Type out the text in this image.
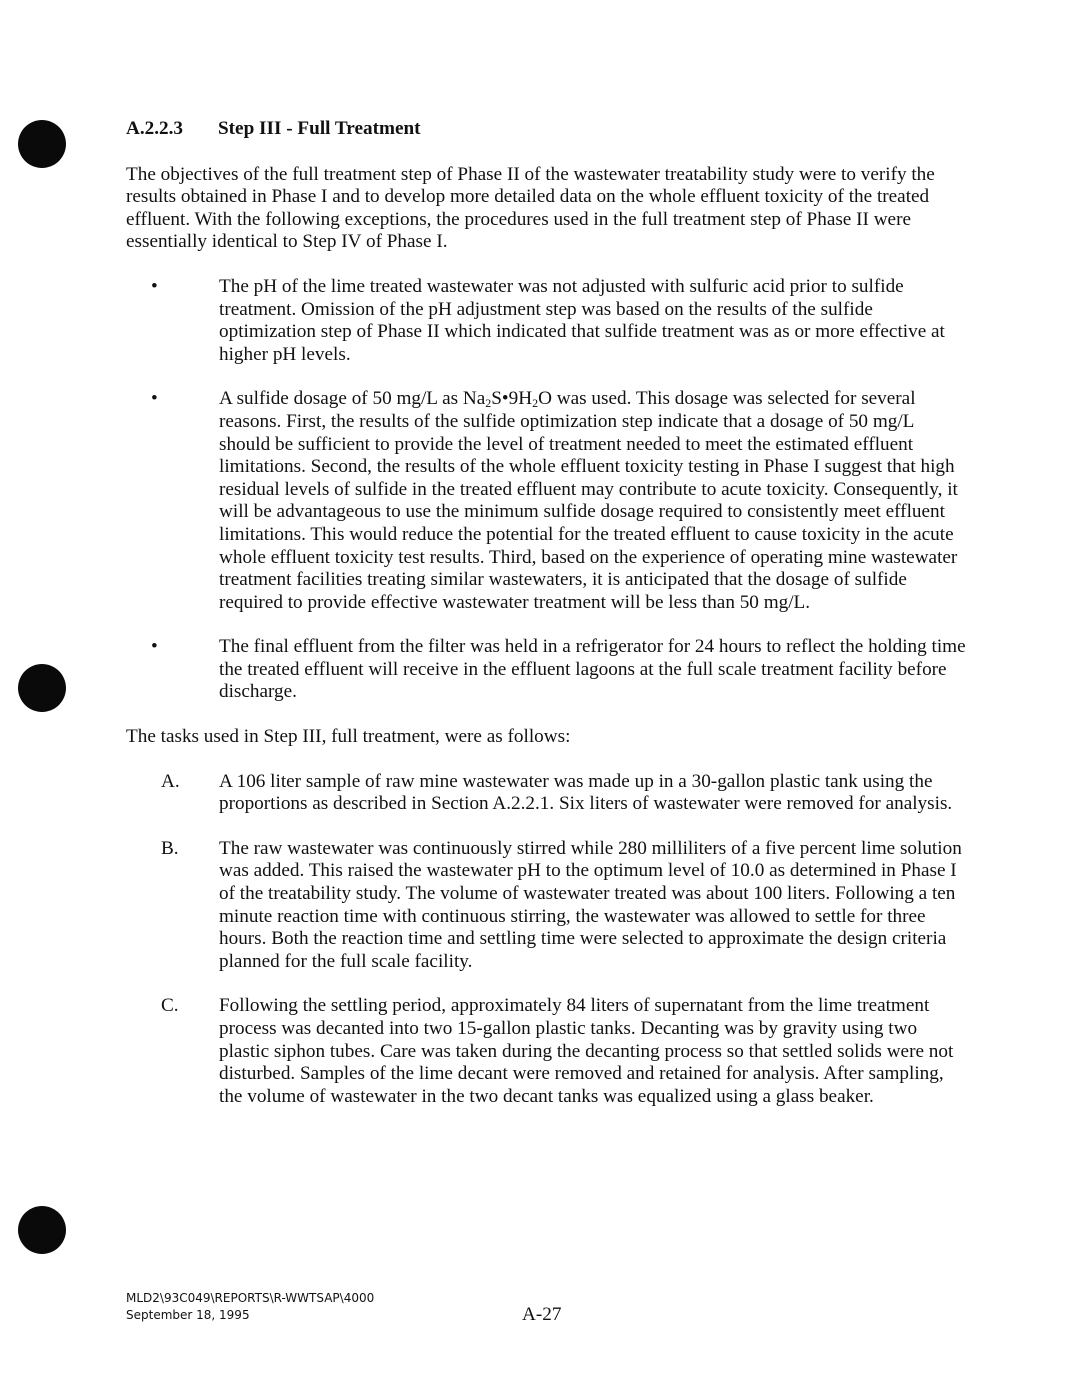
A.2.2.3	Step III - Full Treatment

The objectives of the full treatment step of Phase II of the wastewater treatability study were to verify the results obtained in Phase I and to develop more detailed data on the whole effluent toxicity of the treated effluent. With the following exceptions, the procedures used in the full treatment step of Phase II were essentially identical to Step IV of Phase I.

•	The pH of the lime treated wastewater was not adjusted with sulfuric acid prior to sulfide treatment. Omission of the pH adjustment step was based on the results of the sulfide optimization step of Phase II which indicated that sulfide treatment was as or more effective at higher pH levels.
•	A sulfide dosage of 50 mg/L as $Na_2S•9H_2O$ was used. This dosage was selected for several reasons. First, the results of the sulfide optimization step indicate that a dosage of 50 mg/L should be sufficient to provide the level of treatment needed to meet the estimated effluent limitations. Second, the results of the whole effluent toxicity testing in Phase I suggest that high residual levels of sulfide in the treated effluent may contribute to acute toxicity. Consequently, it will be advantageous to use the minimum sulfide dosage required to consistently meet effluent limitations. This would reduce the potential for the treated effluent to cause toxicity in the acute whole effluent toxicity test results. Third, based on the experience of operating mine wastewater treatment facilities treating similar wastewaters, it is anticipated that the dosage of sulfide required to provide effective wastewater treatment will be less than 50 mg/L.
•	The final effluent from the filter was held in a refrigerator for 24 hours to reflect the holding time the treated effluent will receive in the effluent lagoons at the full scale treatment facility before discharge.

The tasks used in Step III, full treatment, were as follows:

A.	A 106 liter sample of raw mine wastewater was made up in a 30-gallon plastic tank using the proportions as described in Section A.2.2.1. Six liters of wastewater were removed for analysis.
B.	The raw wastewater was continuously stirred while 280 milliliters of a five percent lime solution was added. This raised the wastewater pH to the optimum level of 10.0 as determined in Phase I of the treatability study. The volume of wastewater treated was about 100 liters. Following a ten minute reaction time with continuous stirring, the wastewater was allowed to settle for three hours. Both the reaction time and settling time were selected to approximate the design criteria planned for the full scale facility.
C.	Following the settling period, approximately 84 liters of supernatant from the lime treatment process was decanted into two 15-gallon plastic tanks. Decanting was by gravity using two plastic siphon tubes. Care was taken during the decanting process so that settled solids were not disturbed. Samples of the lime decant were removed and retained for analysis. After sampling, the volume of wastewater in the two decant tanks was equalized using a glass beaker.
MLD2\93C049\REPORTS\R-WWTSAP\4000
September 18, 1995	A-27
